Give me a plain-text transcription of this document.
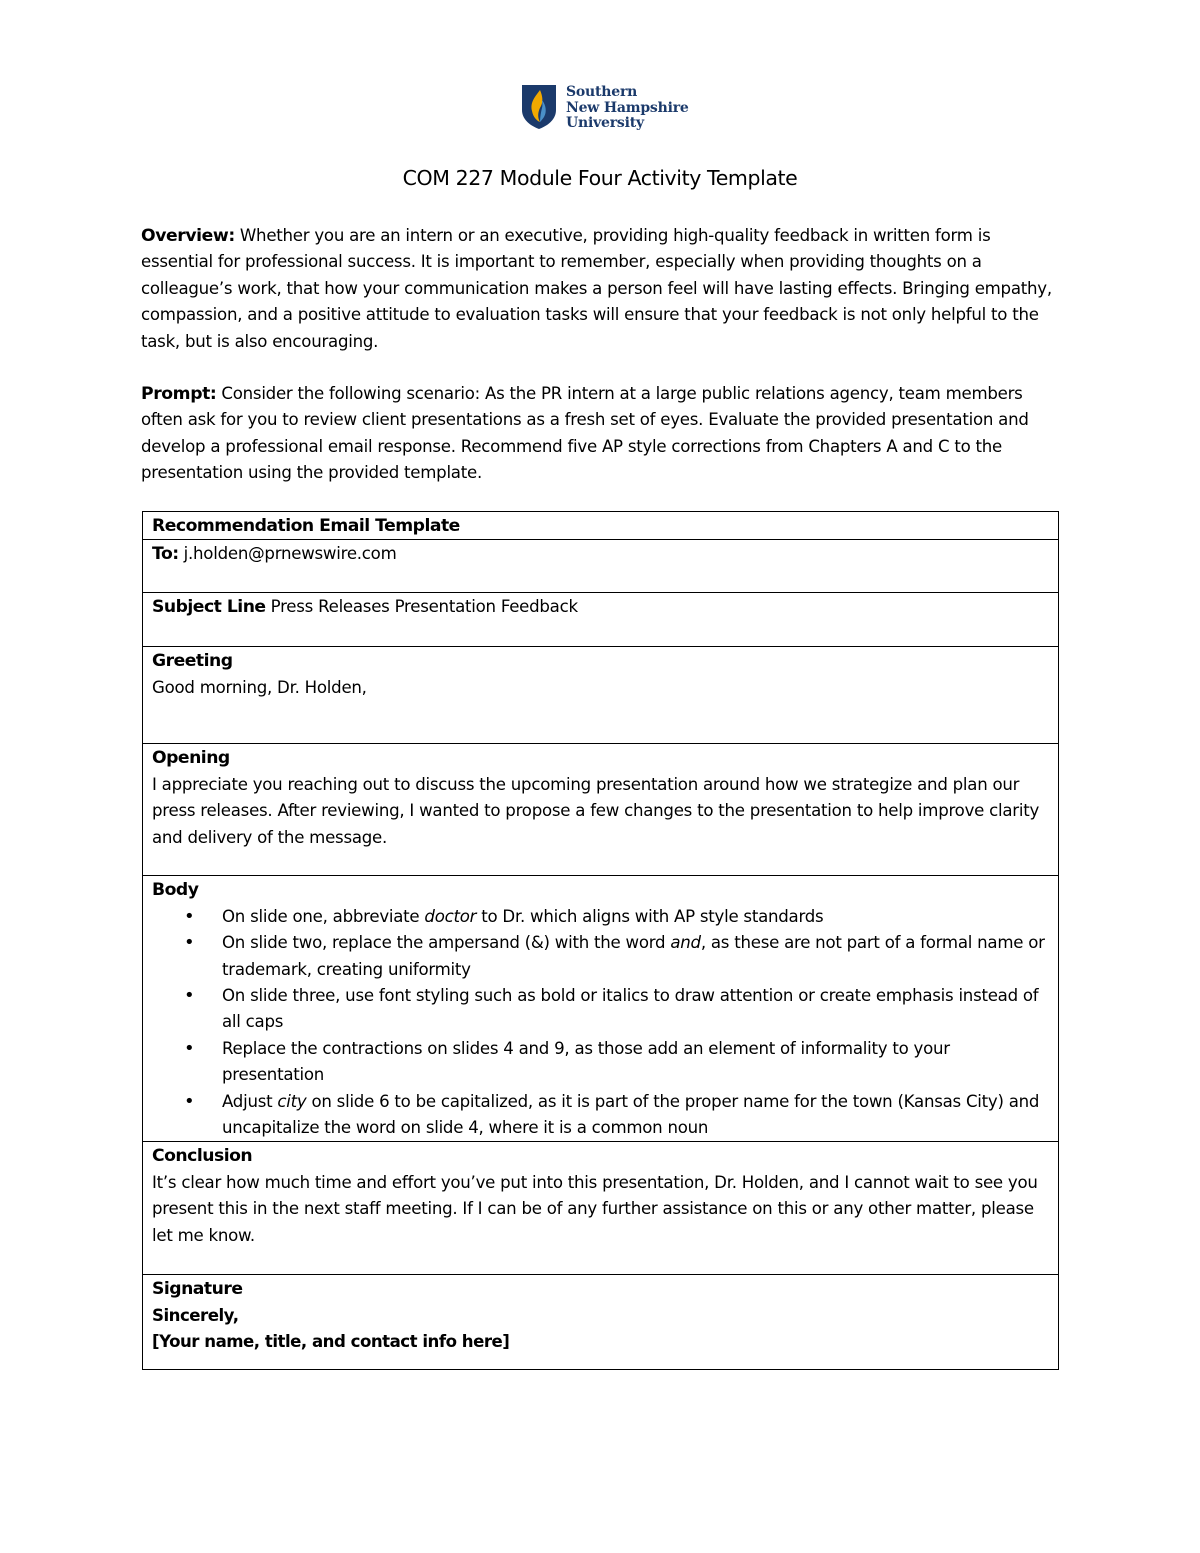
Southern
New Hampshire
University
COM 227 Module Four Activity Template
Overview: Whether you are an intern or an executive, providing high-quality feedback in written form is essential for professional success. It is important to remember, especially when providing thoughts on a colleague’s work, that how your communication makes a person feel will have lasting effects. Bringing empathy, compassion, and a positive attitude to evaluation tasks will ensure that your feedback is not only helpful to the task, but is also encouraging.
Prompt: Consider the following scenario: As the PR intern at a large public relations agency, team members often ask for you to review client presentations as a fresh set of eyes. Evaluate the provided presentation and develop a professional email response. Recommend five AP style corrections from Chapters A and C to the presentation using the provided template.
Recommendation Email Template
To: j.holden@prnewswire.com
Subject Line Press Releases Presentation Feedback

Greeting
Good morning, Dr. Holden,

Opening
I appreciate you reaching out to discuss the upcoming presentation around how we strategize and plan our press releases. After reviewing, I wanted to propose a few changes to the presentation to help improve clarity and delivery of the message.

Body
• On slide one, abbreviate doctor to Dr. which aligns with AP style standards
• On slide two, replace the ampersand (&) with the word and, as these are not part of a formal name or trademark, creating uniformity
• On slide three, use font styling such as bold or italics to draw attention or create emphasis instead of all caps
• Replace the contractions on slides 4 and 9, as those add an element of informality to your presentation
• Adjust city on slide 6 to be capitalized, as it is part of the proper name for the town (Kansas City) and uncapitalize the word on slide 4, where it is a common noun

Conclusion
It’s clear how much time and effort you’ve put into this presentation, Dr. Holden, and I cannot wait to see you present this in the next staff meeting. If I can be of any further assistance on this or any other matter, please let me know.

Signature
Sincerely,
[Your name, title, and contact info here]
